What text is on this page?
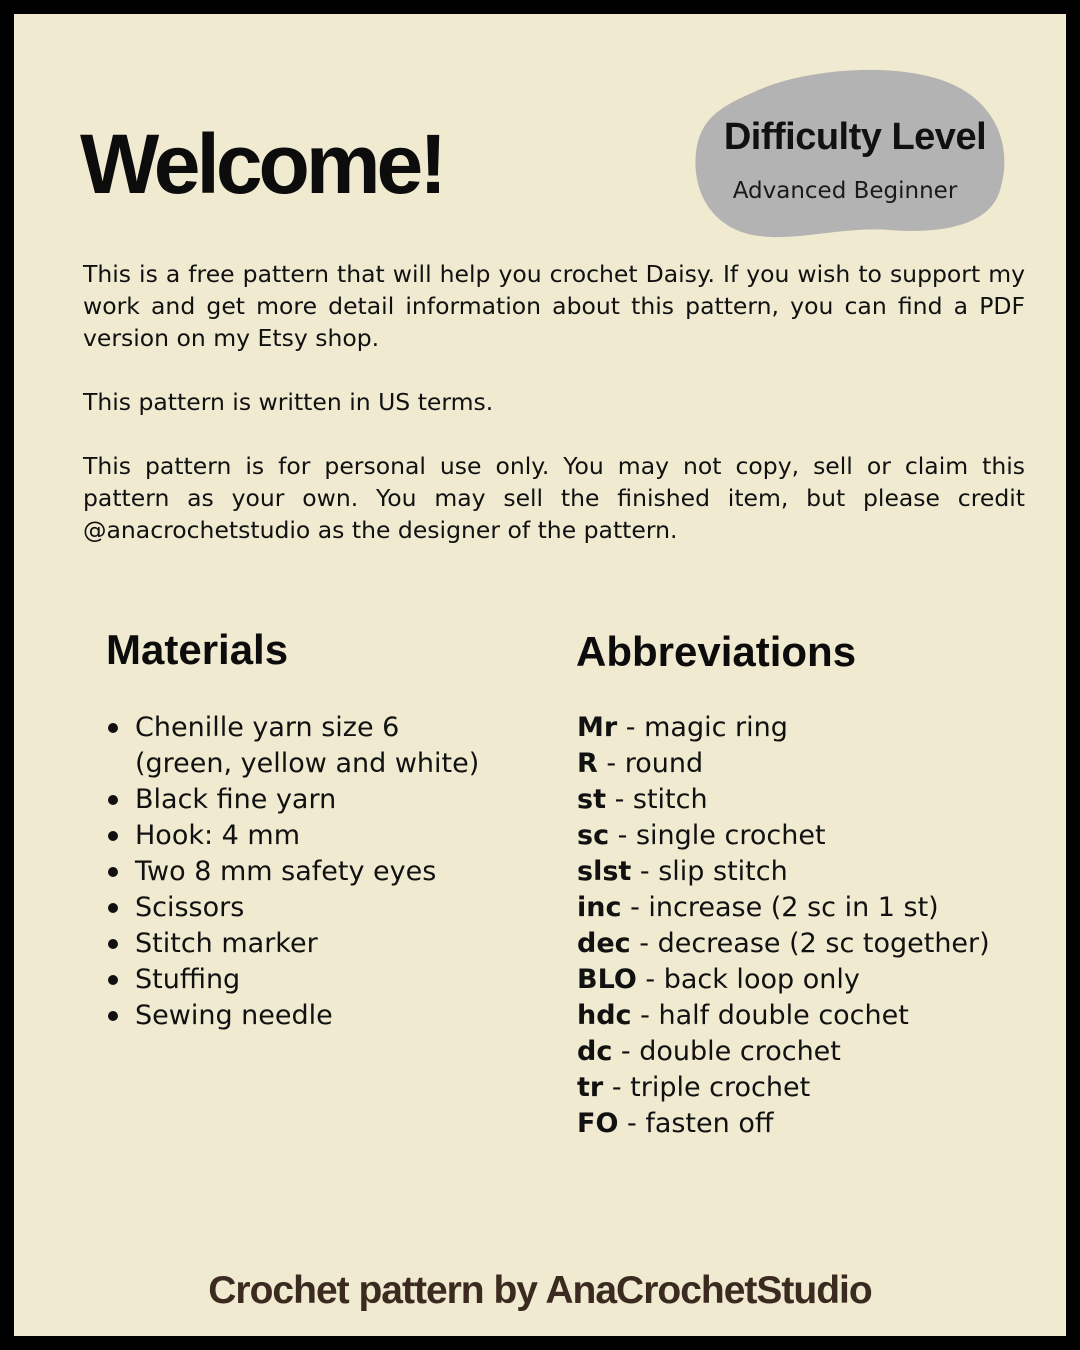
Welcome!	Difficulty Level
Advanced Beginner

This is a free pattern that will help you crochet Daisy. If you wish to support my work and get more detail information about this pattern, you can find a PDF version on my Etsy shop.

This pattern is written in US terms.

This pattern is for personal use only. You may not copy, sell or claim this pattern as your own. You may sell the finished item, but please credit @anacrochetstudio as the designer of the pattern.

Materials
Chenille yarn size 6
(green, yellow and white)
Black fine yarn
Hook: 4 mm
Two 8 mm safety eyes
Scissors
Stitch marker
Stuffing
Sewing needle
Abbreviations
Mr - magic ring
R - round
st - stitch
sc - single crochet
slst - slip stitch
inc - increase (2 sc in 1 st)
dec - decrease (2 sc together)
BLO - back loop only
hdc - half double cochet
dc - double crochet
tr - triple crochet
FO - fasten off
Crochet pattern by AnaCrochetStudio
